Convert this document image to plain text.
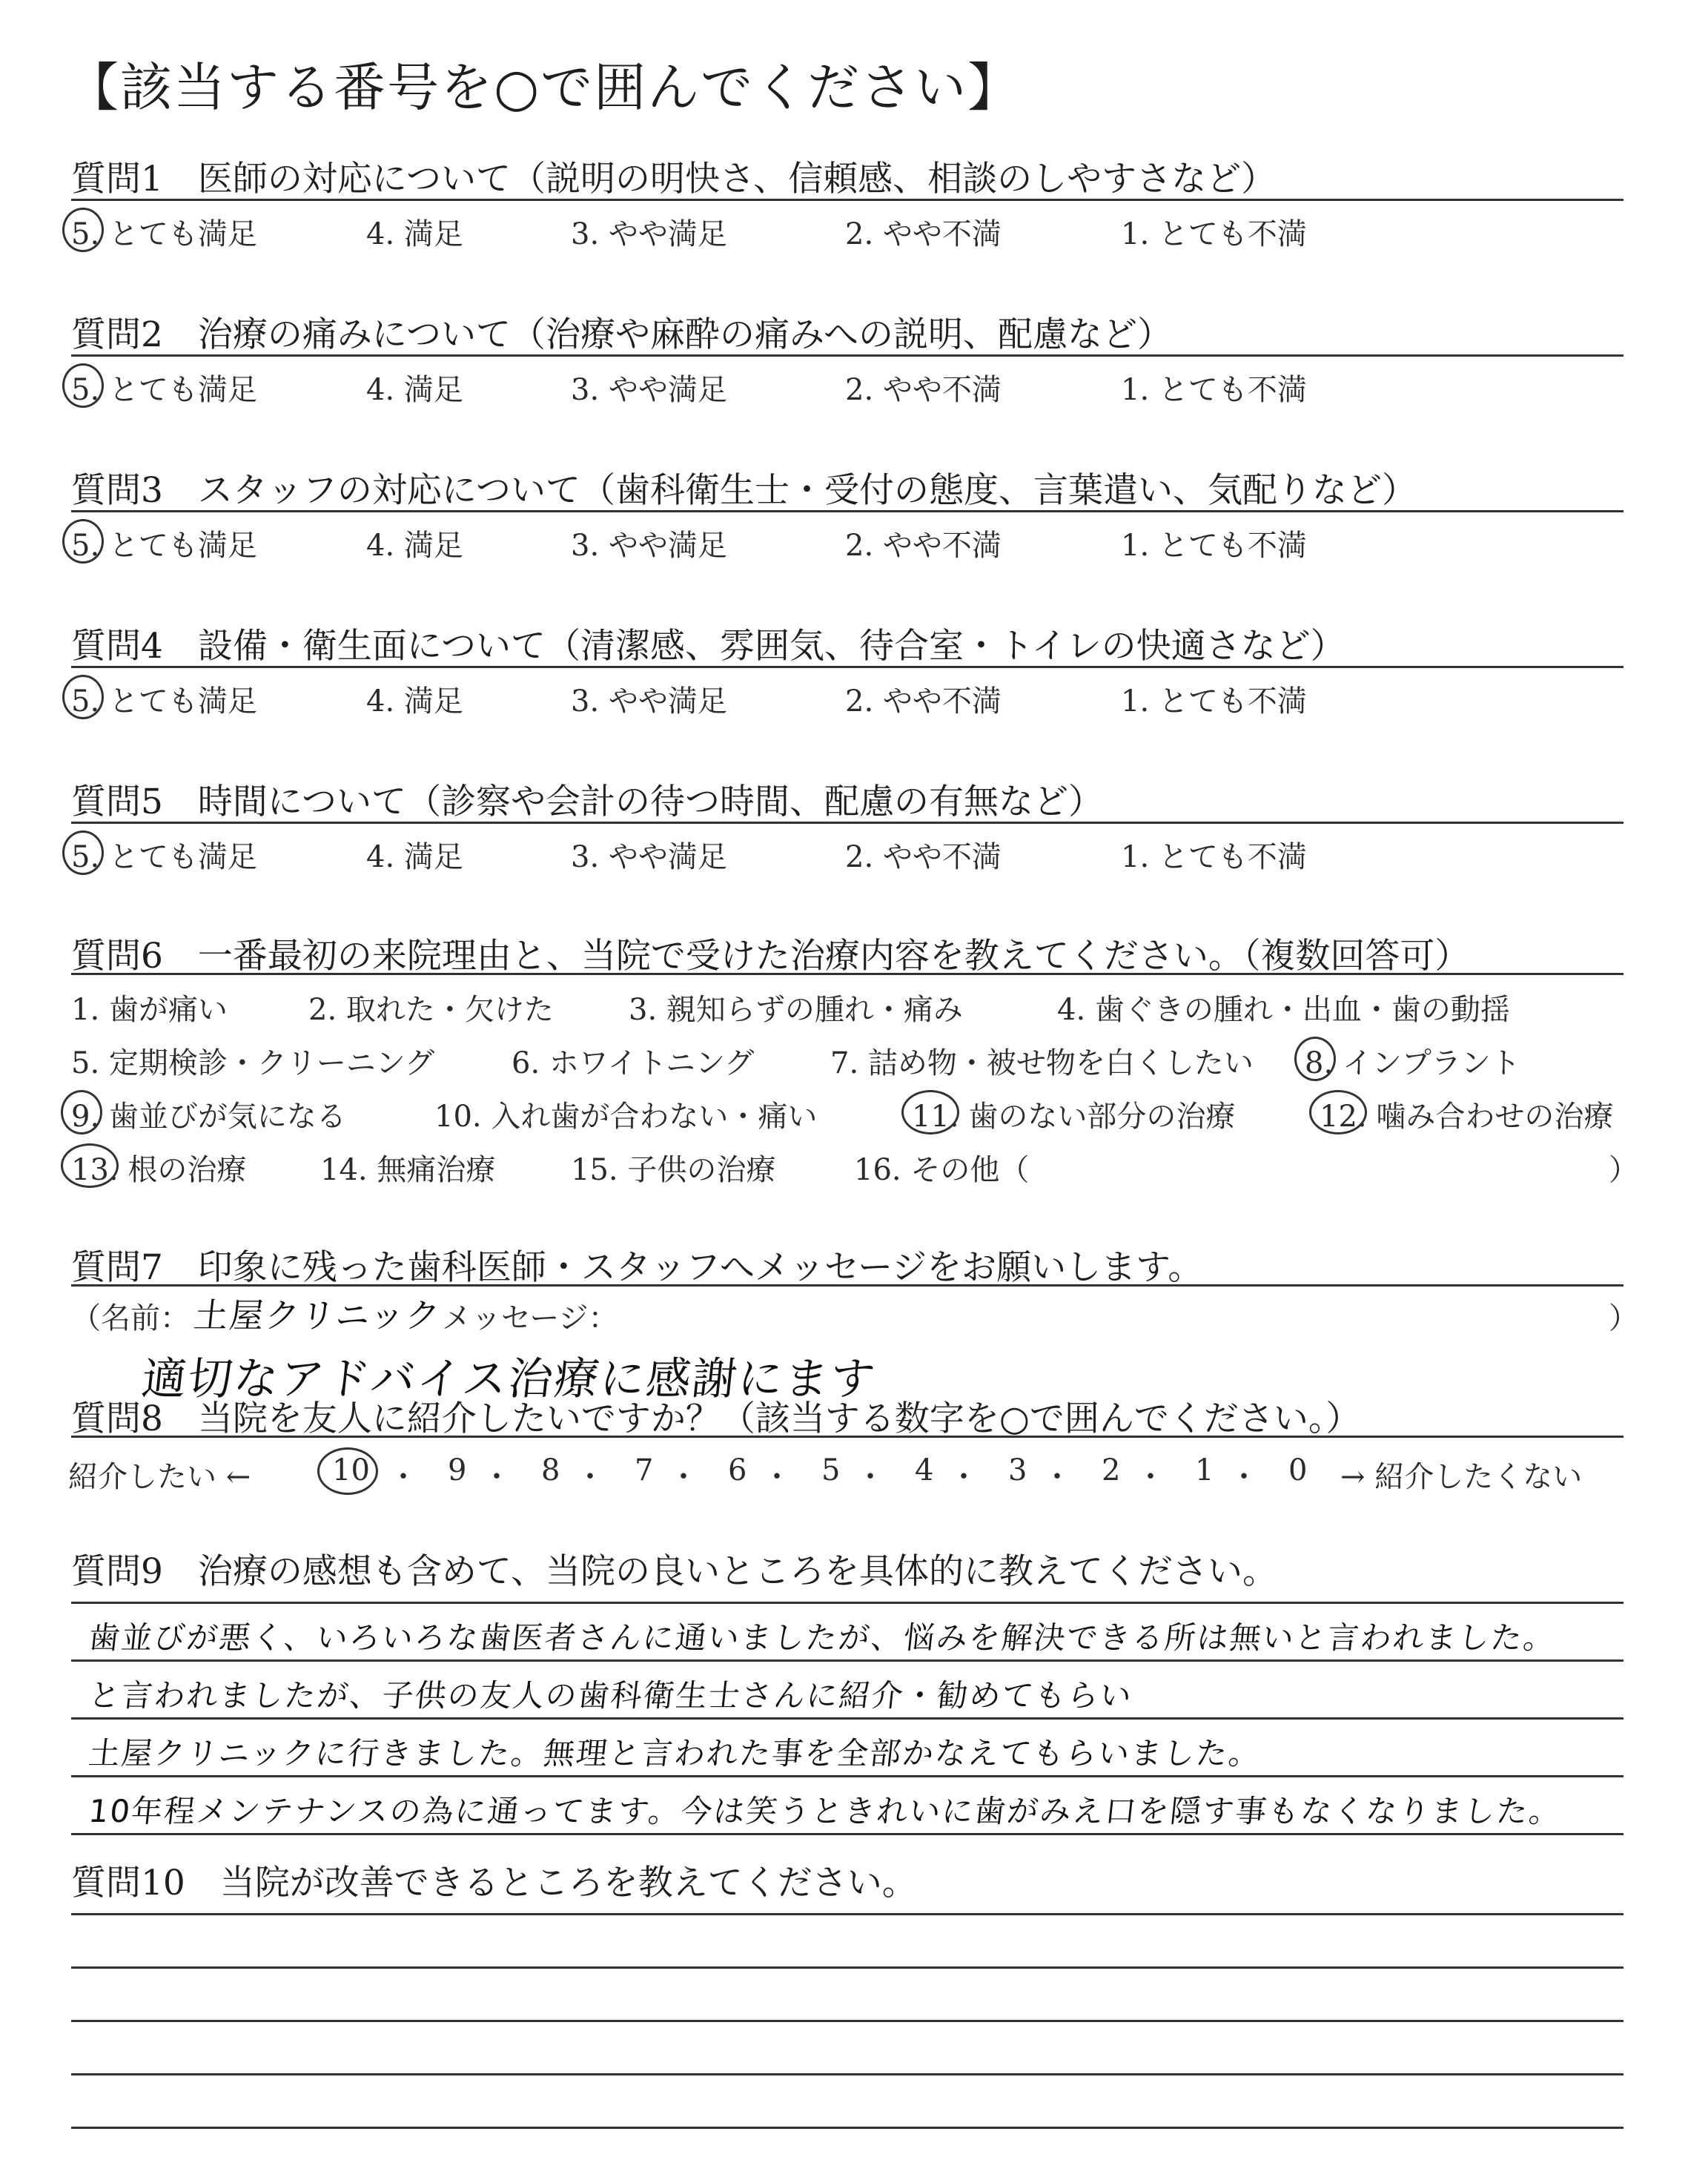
【該当する番号を○で囲んでください】
質問1　医師の対応について（説明の明快さ、信頼感、相談のしやすさなど）
5. とても満足	4. 満足	3. やや満足	2. やや不満	1. とても不満
質問2　治療の痛みについて（治療や麻酔の痛みへの説明、配慮など）
5. とても満足	4. 満足	3. やや満足	2. やや不満	1. とても不満
質問3　スタッフの対応について（歯科衛生士・受付の態度、言葉遣い、気配りなど）
5. とても満足	4. 満足	3. やや満足	2. やや不満	1. とても不満
質問4　設備・衛生面について（清潔感、雰囲気、待合室・トイレの快適さなど）
5. とても満足	4. 満足	3. やや満足	2. やや不満	1. とても不満
質問5　時間について（診察や会計の待つ時間、配慮の有無など）
5. とても満足	4. 満足	3. やや満足	2. やや不満	1. とても不満
質問6　一番最初の来院理由と、当院で受けた治療内容を教えてください。（複数回答可）
1. 歯が痛い	2. 取れた・欠けた	3. 親知らずの腫れ・痛み	4. 歯ぐきの腫れ・出血・歯の動揺
5. 定期検診・クリーニング	6. ホワイトニング	7. 詰め物・被せ物を白くしたい 8. インプラント
9. 歯並びが気になる	10. 入れ歯が合わない・痛い	11. 歯のない部分の治療	12. 噛み合わせの治療
13. 根の治療 14. 無痛治療	15. 子供の治療	16. その他（	）
質問7　印象に残った歯科医師・スタッフへメッセージをお願いします。
（名前： 土屋クリニック
メッセージ：	）
適切なアドバイス治療に感謝にます
質問8　当院を友人に紹介したいですか？（該当する数字を○で囲んでください。）
紹介したい ←	10 ・ 9 ・ 8 ・ 7 ・ 6 ・ 5 ・ 4 ・ 3 ・ 2 ・ 1 ・ 0 → 紹介したくない
質問9　治療の感想も含めて、当院の良いところを具体的に教えてください。
歯並びが悪く、いろいろな歯医者さんに通いましたが、悩みを解決できる所は無いと言われました。
と言われましたが、子供の友人の歯科衛生士さんに紹介・勧めてもらい
土屋クリニックに行きました。無理と言われた事を全部かなえてもらいました。
10年程メンテナンスの為に通ってます。今は笑うときれいに歯がみえ口を隠す事もなくなりました。
質問10　当院が改善できるところを教えてください。
